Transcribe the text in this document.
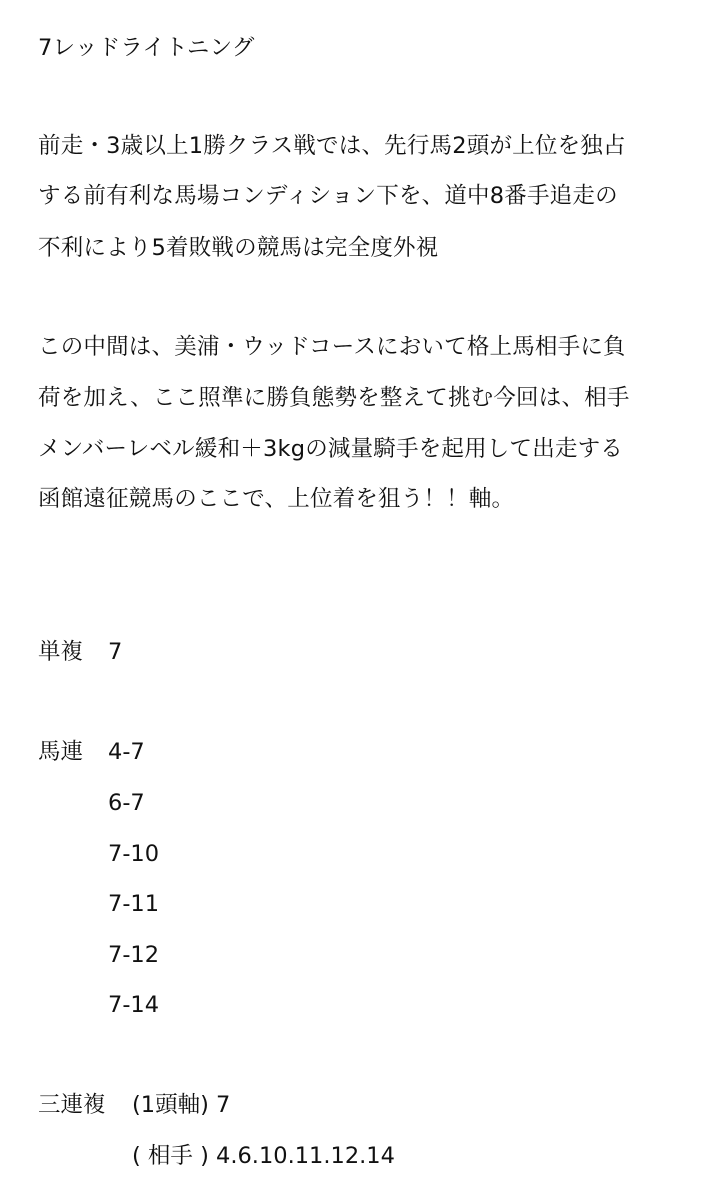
7レッドライトニング
前走・3歳以上1勝クラス戦では、先行馬2頭が上位を独占
する前有利な馬場コンディション下を、道中8番手追走の
不利により5着敗戦の競馬は完全度外視
この中間は、美浦・ウッドコースにおいて格上馬相手に負
荷を加え、ここ照準に勝負態勢を整えて挑む今回は、相手
メンバーレベル緩和＋3kgの減量騎手を起用して出走する
函館遠征競馬のここで、上位着を狙う！！軸。
単複 7
馬連 4-7
6-7
7-10
7-11
7-12
7-14
三連複 (1頭軸) 7
( 相手 ) 4.6.10.11.12.14
